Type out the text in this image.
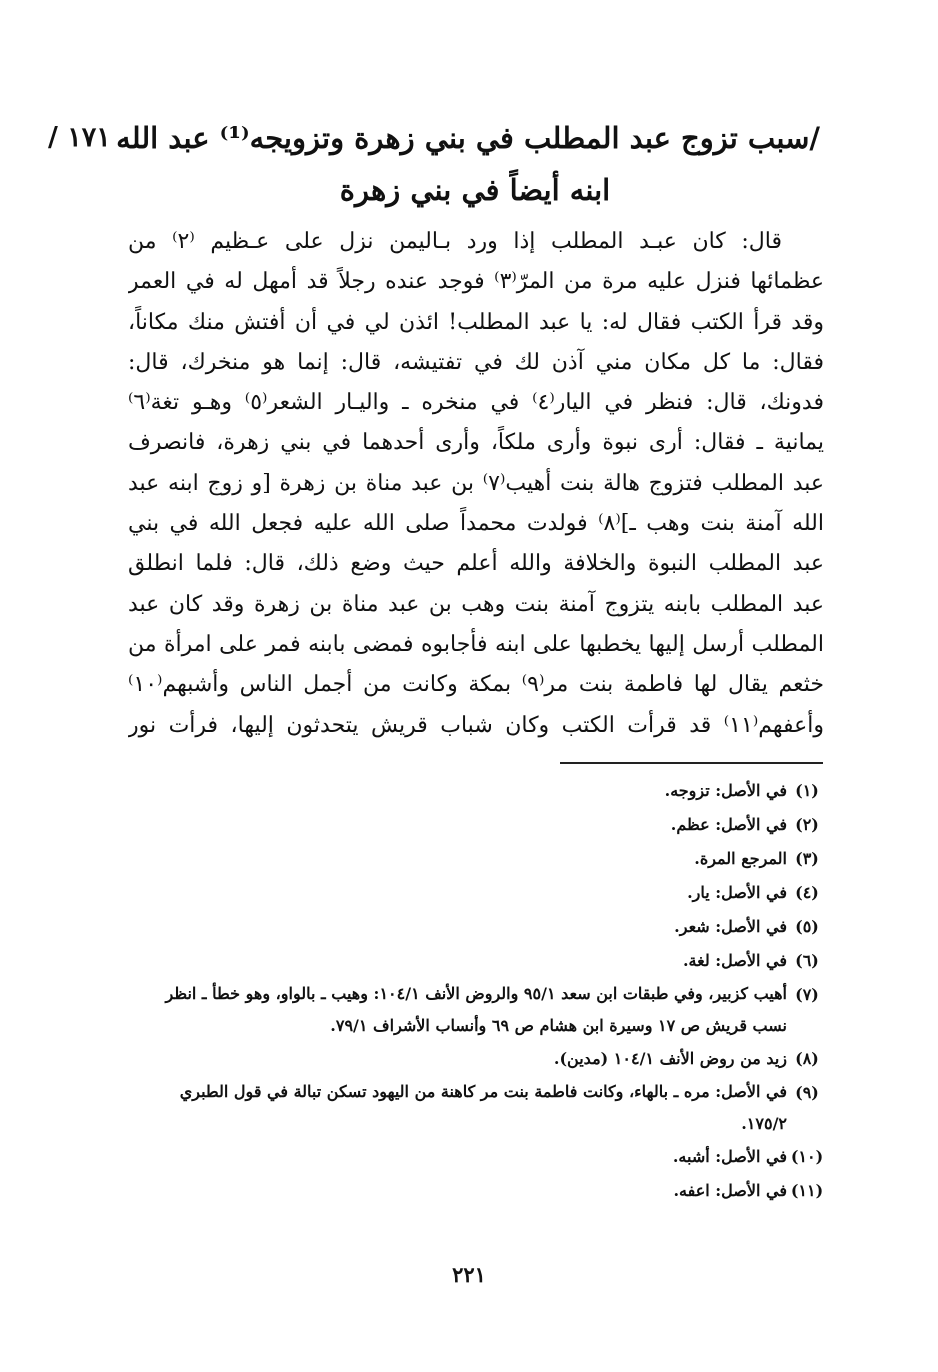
١٧١ / /سبب تزوج عبد المطلب في بني زهرة وتزويجه⁽¹⁾ عبد الله
ابنه أيضاً في بني زهرة
قال: كان عبـد المطلب إذا ورد بـاليمن نزل على عـظيم ⁽٢⁾ من
عظمائها فنزل عليه مرة من المرّ⁽٣⁾ فوجد عنده رجلاً قد أمهل له في العمر
وقد قرأ الكتب فقال له: يا عبد المطلب! ائذن لي في أن أفتش منك مكاناً،
فقال: ما كل مكان مني آذن لك في تفتيشه، قال: إنما هو منخرك، قال:
فدونك، قال: فنظر في اليار⁽٤⁾ في منخره ـ واليـار الشعر⁽٥⁾ وهـو تغة⁽٦⁾
يمانية ـ فقال: أرى نبوة وأرى ملكاً، وأرى أحدهما في بني زهرة، فانصرف
عبد المطلب فتزوج هالة بنت أهيب⁽٧⁾ بن عبد مناة بن زهرة [و زوج ابنه عبد
الله آمنة بنت وهب ـ]⁽٨⁾ فولدت محمداً صلى الله عليه فجعل الله في بني
عبد المطلب النبوة والخلافة والله أعلم حيث وضع ذلك، قال: فلما انطلق
عبد المطلب بابنه يتزوج آمنة بنت وهب بن عبد مناة بن زهرة وقد كان عبد
المطلب أرسل إليها يخطبها على ابنه فأجابوه فمضى بابنه فمر على امرأة من
خثعم يقال لها فاطمة بنت مر⁽٩⁾ بمكة وكانت من أجمل الناس وأشبهم⁽١٠⁾
وأعفهم⁽١١⁾ قد قرأت الكتب وكان شباب قريش يتحدثون إليها، فرأت نور
(١)
في الأصل: تزوجه.
(٢)
في الأصل: عظم.
(٣)
المرجع المرة.
(٤)
في الأصل: يار.
(٥)
في الأصل: شعر.
(٦)
في الأصل: لغة.
(٧)
أهيب كزبير، وفي طبقات ابن سعد ٩٥/١ والروض الأنف ١٠٤/١: وهيب ـ بالواو، وهو خطأ ـ انظر نسب قريش ص ١٧ وسيرة ابن هشام ص ٦٩ وأنساب الأشراف ٧٩/١.
(٨)
زيد من روض الأنف ١٠٤/١ (مدين).
(٩)
في الأصل: مره ـ بالهاء، وكانت فاطمة بنت مر كاهنة من اليهود تسكن تبالة في قول الطبري ١٧٥/٢.
(١٠)
في الأصل: أشبه.
(١١)
في الأصل: اعفه.
٢٢١
